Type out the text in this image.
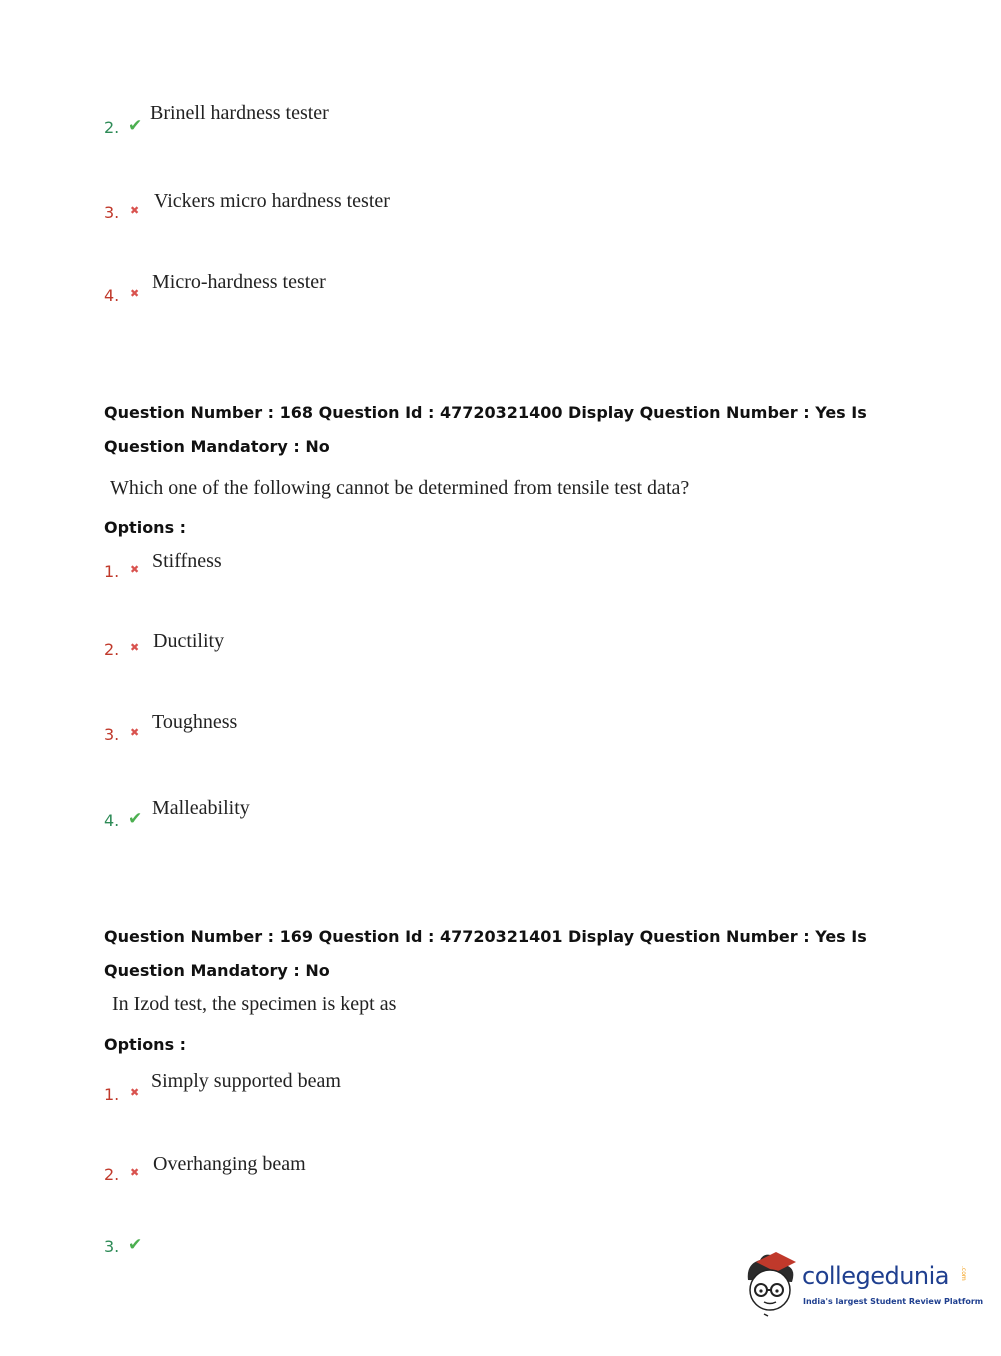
2. ✔
Brinell hardness tester
3. ✖ Vickers micro hardness tester
4. ✖
Micro-hardness tester
Question Number : 168 Question Id : 47720321400 Display Question Number : Yes Is Question Mandatory : No
Which one of the following cannot be determined from tensile test data?
Options :
1. ✖ Stiffness
2. ✖ Ductility
3. ✖ Toughness
4. ✔ Malleability
Question Number : 169 Question Id : 47720321401 Display Question Number : Yes Is Question Mandatory : No
In Izod test, the specimen is kept as
Options :
1. ✖
Simply supported beam
2. ✖ Overhanging beam
3. ✔
collegedunia .com
India's largest Student Review Platform
